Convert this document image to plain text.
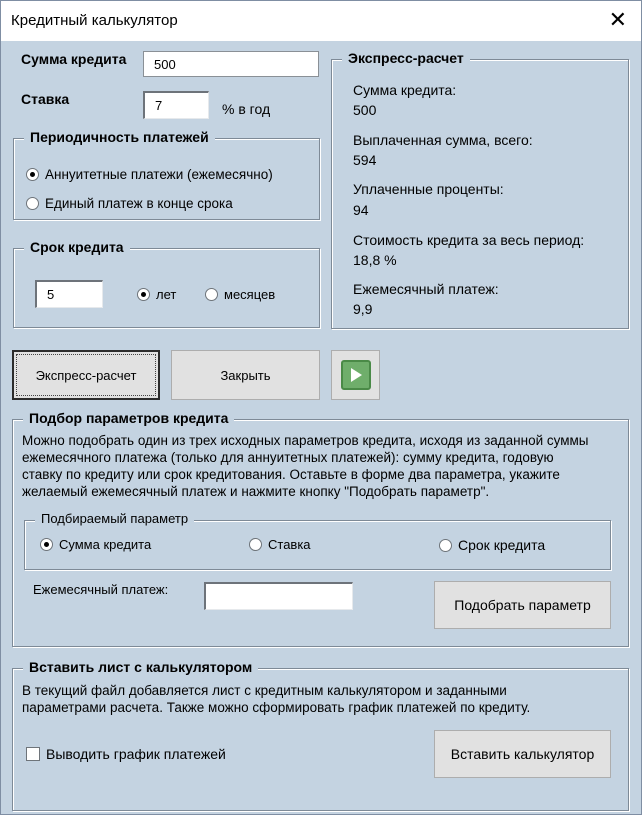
Кредитный калькулятор	✕
Сумма кредита 500
Ставка	7	% в год
Периодичность платежей
Аннуитетные платежи (ежемесячно)
Единый платеж в конце срока
Срок кредита
5	лет	месяцев
Экспресс-расчет
Сумма кредита:
500
Выплаченная сумма, всего:
594
Уплаченные проценты:
94
Стоимость кредита за весь период:
18,8 %
Ежемесячный платеж:
9,9
Экспресс-расчет	Закрыть
Подбор параметров кредита
Можно подобрать один из трех исходных параметров кредита, исходя из заданной суммы ежемесячного платежа (только для аннуитетных платежей): сумму кредита, годовую ставку по кредиту или срок кредитования. Оставьте в форме два параметра, укажите желаемый ежемесячный платеж и нажмите кнопку "Подобрать параметр".
Подбираемый параметр
Сумма кредита	Ставка	Срок кредита
Ежемесячный платеж:
Подобрать параметр
Вставить лист с калькулятором
В текущий файл добавляется лист с кредитным калькулятором и заданными параметрами расчета. Также можно сформировать график платежей по кредиту.
Выводить график платежей	Вставить калькулятор
